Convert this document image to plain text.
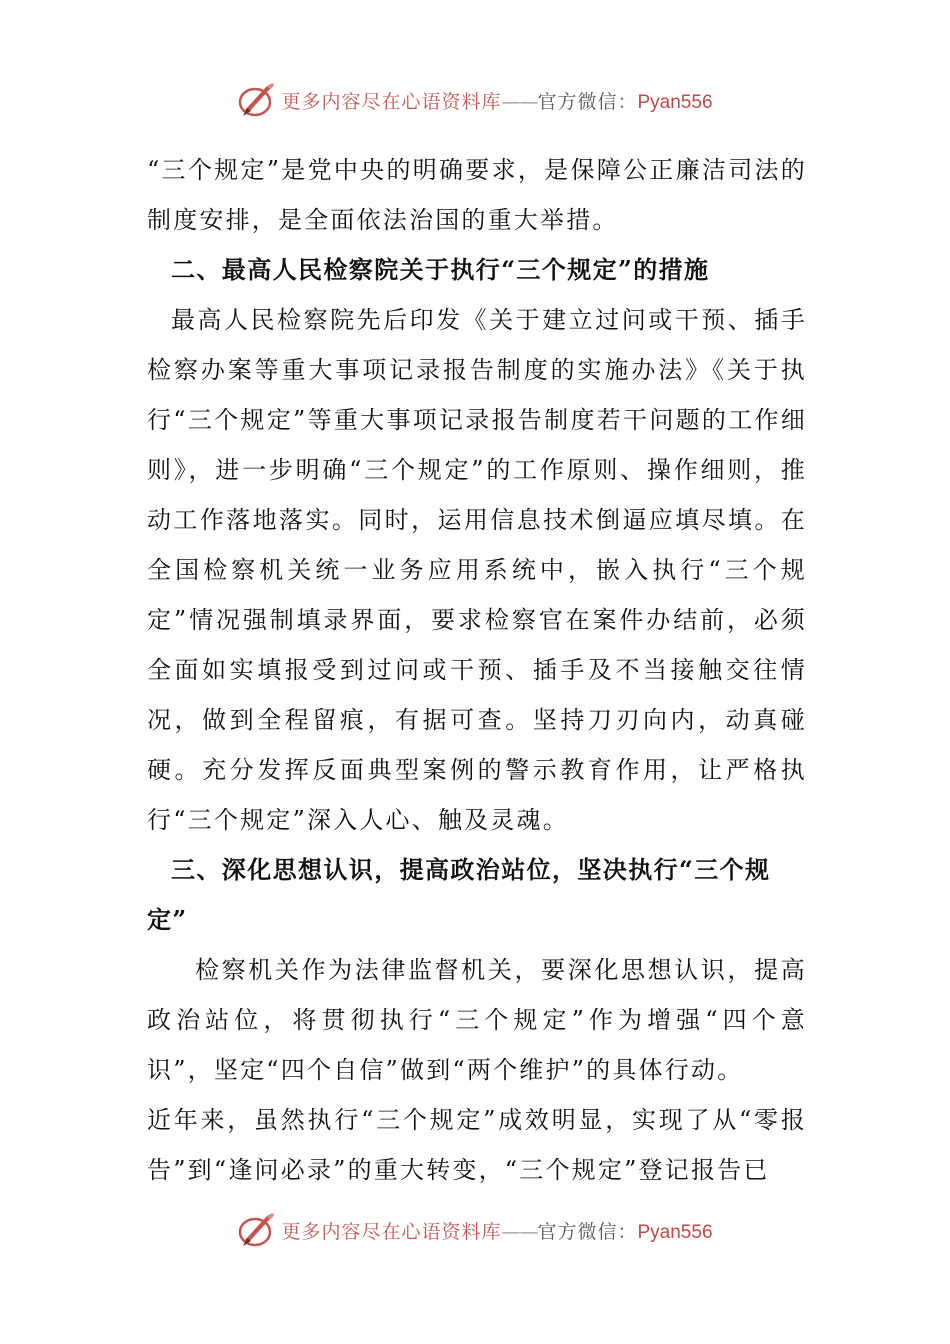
更多内容尽在心语资料库——官方微信：Pyan556

“三个规定”是党中央的明确要求，是保障公正廉洁司法的制度安排，是全面依法治国的重大举措。

二、最高人民检察院关于执行“三个规定”的措施

最高人民检察院先后印发《关于建立过问或干预、插手检察办案等重大事项记录报告制度的实施办法》《关于执行“三个规定”等重大事项记录报告制度若干问题的工作细则》，进一步明确“三个规定”的工作原则、操作细则，推动工作落地落实。同时，运用信息技术倒逼应填尽填。在全国检察机关统一业务应用系统中，嵌入执行“三个规定”情况强制填录界面，要求检察官在案件办结前，必须全面如实填报受到过问或干预、插手及不当接触交往情况，做到全程留痕，有据可查。坚持刀刃向内，动真碰硬。充分发挥反面典型案例的警示教育作用，让严格执行“三个规定”深入人心、触及灵魂。

三、深化思想认识，提高政治站位，坚决执行“三个规定”

检察机关作为法律监督机关，要深化思想认识，提高政治站位，将贯彻执行“三个规定”作为增强“四个意识”，坚定“四个自信”做到“两个维护”的具体行动。

近年来，虽然执行“三个规定”成效明显，实现了从“零报告”到“逢问必录”的重大转变，“三个规定”登记报告已

更多内容尽在心语资料库——官方微信：Pyan556
